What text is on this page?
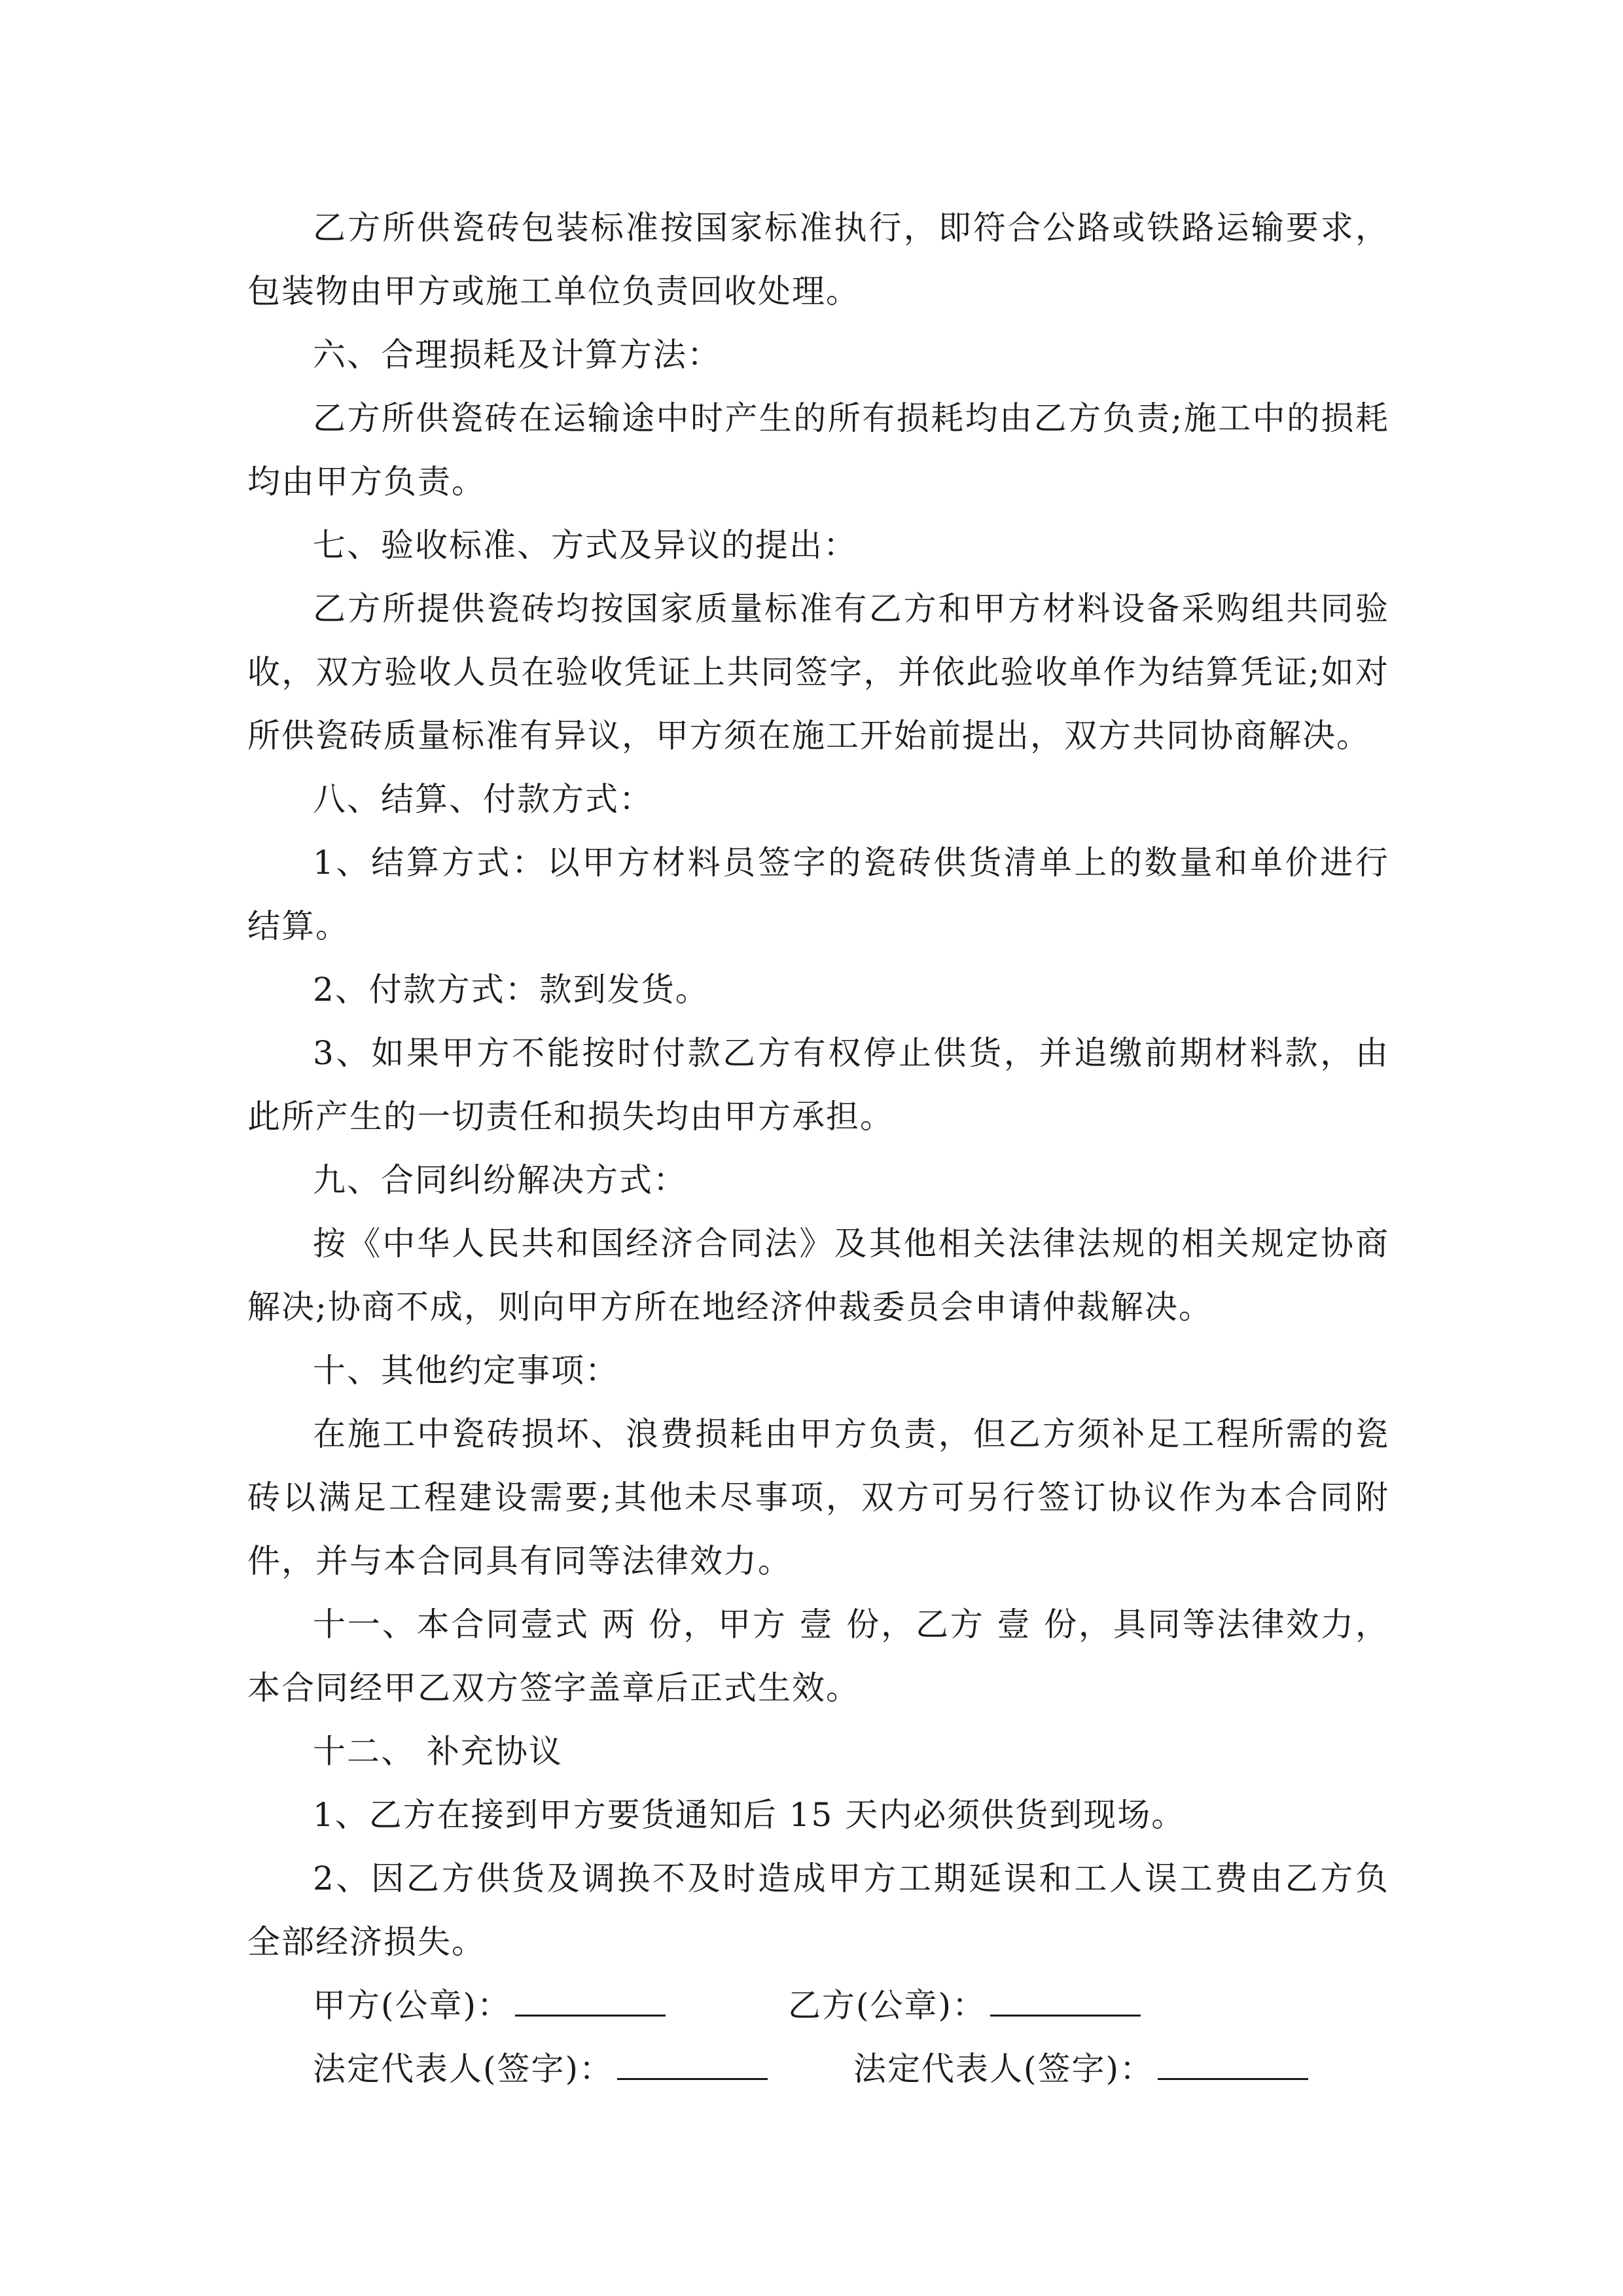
乙方所供瓷砖包装标准按国家标准执行，即符合公路或铁路运输要求，包装物由甲方或施工单位负责回收处理。

六、合理损耗及计算方法：

乙方所供瓷砖在运输途中时产生的所有损耗均由乙方负责;施工中的损耗均由甲方负责。

七、验收标准、方式及异议的提出：

乙方所提供瓷砖均按国家质量标准有乙方和甲方材料设备采购组共同验收，双方验收人员在验收凭证上共同签字，并依此验收单作为结算凭证;如对所供瓷砖质量标准有异议，甲方须在施工开始前提出，双方共同协商解决。

八、结算、付款方式：

1、结算方式：以甲方材料员签字的瓷砖供货清单上的数量和单价进行结算。

2、付款方式：款到发货。

3、如果甲方不能按时付款乙方有权停止供货，并追缴前期材料款，由此所产生的一切责任和损失均由甲方承担。

九、合同纠纷解决方式：

按《中华人民共和国经济合同法》及其他相关法律法规的相关规定协商解决;协商不成，则向甲方所在地经济仲裁委员会申请仲裁解决。

十、其他约定事项：

在施工中瓷砖损坏、浪费损耗由甲方负责，但乙方须补足工程所需的瓷砖以满足工程建设需要;其他未尽事项，双方可另行签订协议作为本合同附件，并与本合同具有同等法律效力。

十一、本合同壹式 两 份，甲方 壹 份，乙方 壹 份，具同等法律效力，本合同经甲乙双方签字盖章后正式生效。

十二、 补充协议

1、乙方在接到甲方要货通知后 15 天内必须供货到现场。

2、因乙方供货及调换不及时造成甲方工期延误和工人误工费由乙方负全部经济损失。

甲方(公章)：	乙方(公章)：
法定代表人(签字)：	法定代表人(签字)：
